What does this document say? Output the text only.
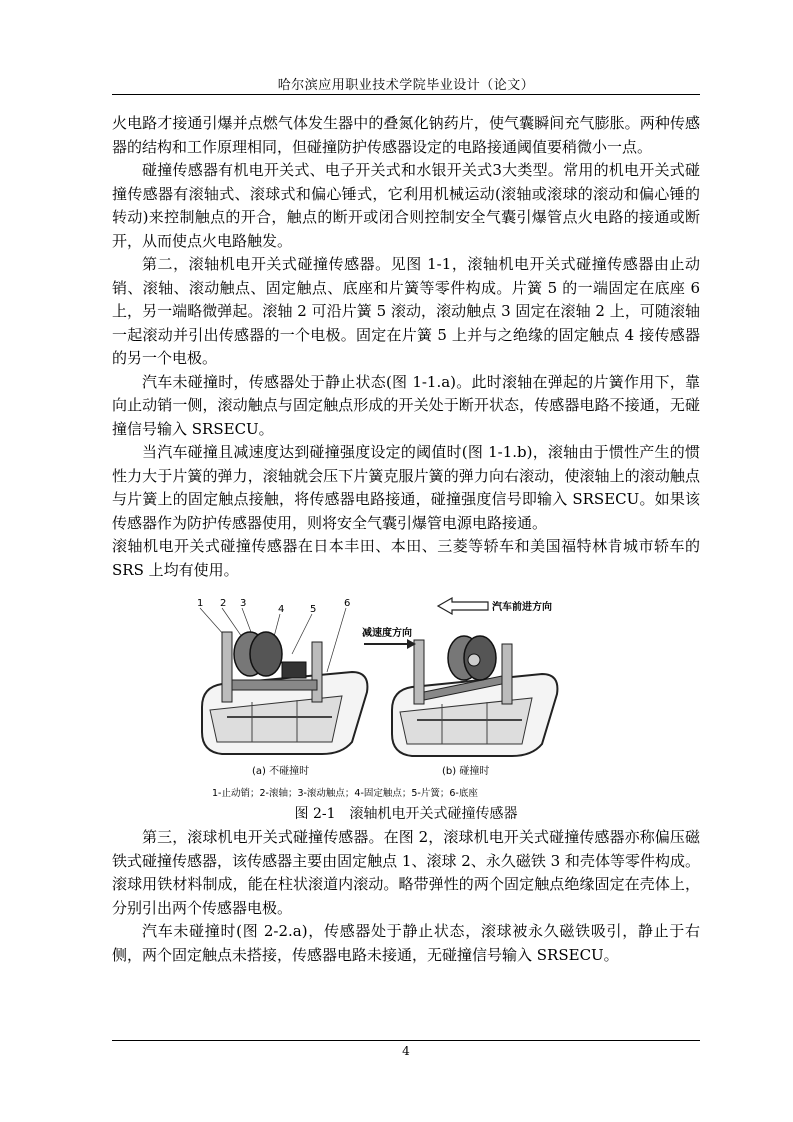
哈尔滨应用职业技术学院毕业设计（论文）

火电路才接通引爆并点燃气体发生器中的叠氮化钠药片，使气囊瞬间充气膨胀。两种传感器的结构和工作原理相同，但碰撞防护传感器设定的电路接通阈值要稍微小一点。

碰撞传感器有机电开关式、电子开关式和水银开关式3大类型。常用的机电开关式碰撞传感器有滚轴式、滚球式和偏心锤式，它利用机械运动(滚轴或滚球的滚动和偏心锤的转动)来控制触点的开合，触点的断开或闭合则控制安全气囊引爆管点火电路的接通或断开，从而使点火电路触发。

第二，滚轴机电开关式碰撞传感器。见图 1-1，滚轴机电开关式碰撞传感器由止动销、滚轴、滚动触点、固定触点、底座和片簧等零件构成。片簧 5 的一端固定在底座 6 上，另一端略微弹起。滚轴 2 可沿片簧 5 滚动，滚动触点 3 固定在滚轴 2 上，可随滚轴一起滚动并引出传感器的一个电极。固定在片簧 5 上并与之绝缘的固定触点 4 接传感器的另一个电极。

汽车未碰撞时，传感器处于静止状态(图 1-1.a)。此时滚轴在弹起的片簧作用下，靠向止动销一侧，滚动触点与固定触点形成的开关处于断开状态，传感器电路不接通，无碰撞信号输入 SRSECU。

当汽车碰撞且减速度达到碰撞强度设定的阈值时(图 1-1.b)，滚轴由于惯性产生的惯性力大于片簧的弹力，滚轴就会压下片簧克服片簧的弹力向右滚动，使滚轴上的滚动触点与片簧上的固定触点接触，将传感器电路接通，碰撞强度信号即输入 SRSECU。如果该传感器作为防护传感器使用，则将安全气囊引爆管电源电路接通。

滚轴机电开关式碰撞传感器在日本丰田、本田、三菱等轿车和美国福特林肯城市轿车的 SRS 上均有使用。

1 2 3
4	5
6	汽车前进方向
减速度方向
(a) 不碰撞时	(b) 碰撞时
1-止动销；2-滚轴；3-滚动触点；4-固定触点；5-片簧；6-底座
图 2-1　滚轴机电开关式碰撞传感器

第三，滚球机电开关式碰撞传感器。在图 2，滚球机电开关式碰撞传感器亦称偏压磁铁式碰撞传感器，该传感器主要由固定触点 1、滚球 2、永久磁铁 3 和壳体等零件构成。滚球用铁材料制成，能在柱状滚道内滚动。略带弹性的两个固定触点绝缘固定在壳体上，分别引出两个传感器电极。

汽车未碰撞时(图 2-2.a)，传感器处于静止状态，滚球被永久磁铁吸引，静止于右侧，两个固定触点未搭接，传感器电路未接通，无碰撞信号输入 SRSECU。

4
